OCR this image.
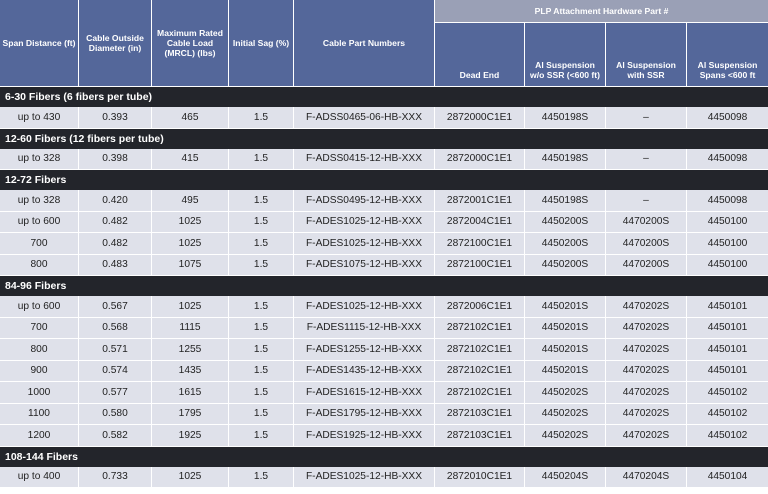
Span Distance (ft)	Cable Outside Diameter (in)	Maximum Rated Cable Load (MRCL) (lbs)	Initial Sag (%)	Cable Part Numbers	PLP Attachment Hardware Part #			
					Dead End	Al Suspension w/o SSR (<600 ft)	Al Suspension with SSR	Al Suspension Spans <600 ft
6-30 Fibers (6 fibers per tube)								
up to 430	0.393	465	1.5	F-ADSS0465-06-HB-XXX	2872000C1E1	4450198S	–	4450098
12-60 Fibers (12 fibers per tube)								
up to 328	0.398	415	1.5	F-ADSS0415-12-HB-XXX	2872000C1E1	4450198S	–	4450098
12-72 Fibers								
up to 328	0.420	495	1.5	F-ADSS0495-12-HB-XXX	2872001C1E1	4450198S	–	4450098
up to 600	0.482	1025	1.5	F-ADES1025-12-HB-XXX	2872004C1E1	4450200S	4470200S	4450100
700	0.482	1025	1.5	F-ADES1025-12-HB-XXX	2872100C1E1	4450200S	4470200S	4450100
800	0.483	1075	1.5	F-ADES1075-12-HB-XXX	2872100C1E1	4450200S	4470200S	4450100
84-96 Fibers								
up to 600	0.567	1025	1.5	F-ADES1025-12-HB-XXX	2872006C1E1	4450201S	4470202S	4450101
700	0.568	1115	1.5	F-ADES1115-12-HB-XXX	2872102C1E1	4450201S	4470202S	4450101
800	0.571	1255	1.5	F-ADES1255-12-HB-XXX	2872102C1E1	4450201S	4470202S	4450101
900	0.574	1435	1.5	F-ADES1435-12-HB-XXX	2872102C1E1	4450201S	4470202S	4450101
1000	0.577	1615	1.5	F-ADES1615-12-HB-XXX	2872102C1E1	4450202S	4470202S	4450102
1100	0.580	1795	1.5	F-ADES1795-12-HB-XXX	2872103C1E1	4450202S	4470202S	4450102
1200	0.582	1925	1.5	F-ADES1925-12-HB-XXX	2872103C1E1	4450202S	4470202S	4450102
108-144 Fibers								
up to 400	0.733	1025	1.5	F-ADES1025-12-HB-XXX	2872010C1E1	4450204S	4470204S	4450104
